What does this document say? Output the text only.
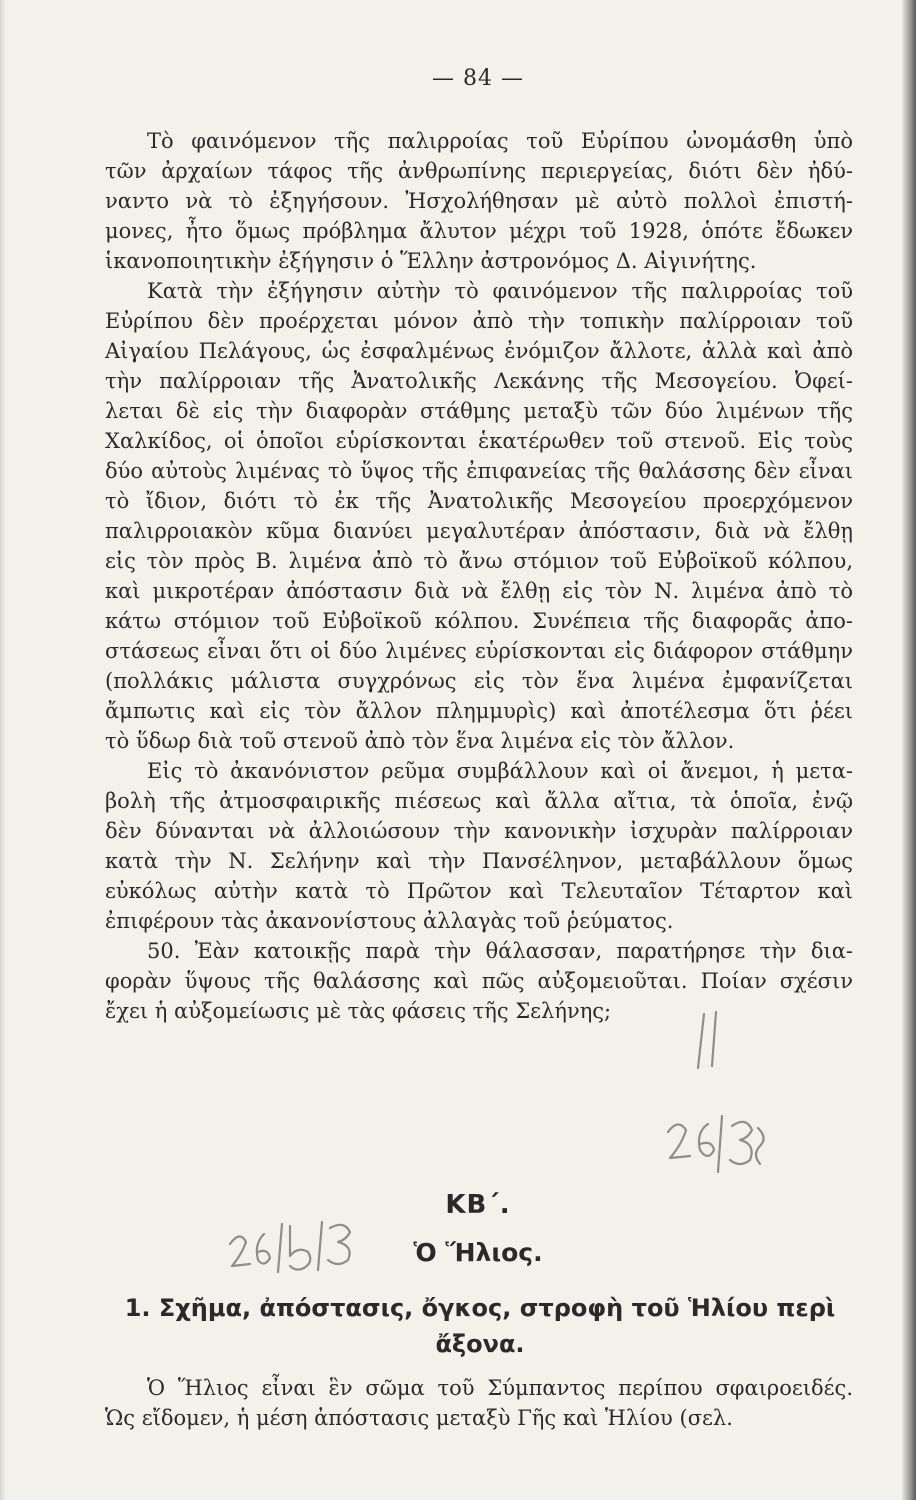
— 84 —
Τὸ φαινόμενον τῆς παλιρροίας τοῦ Εὐρίπου ὠνομάσθη ὑπὸ
τῶν ἀρχαίων τάφος τῆς ἀνθρωπίνης περιεργείας, διότι δὲν ἠδύ-
ναντο νὰ τὸ ἐξηγήσουν. Ἠσχολήθησαν μὲ αὐτὸ πολλοὶ ἐπιστή-
μονες, ἦτο ὅμως πρόβλημα ἄλυτον μέχρι τοῦ 1928, ὁπότε ἔδωκεν
ἱκανοποιητικὴν ἐξήγησιν ὁ Ἕλλην ἀστρονόμος Δ. Αἰγινήτης.
Κατὰ τὴν ἐξήγησιν αὐτὴν τὸ φαινόμενον τῆς παλιρροίας τοῦ
Εὐρίπου δὲν προέρχεται μόνον ἀπὸ τὴν τοπικὴν παλίρροιαν τοῦ
Αἰγαίου Πελάγους, ὡς ἐσφαλμένως ἐνόμιζον ἄλλοτε, ἀλλὰ καὶ ἀπὸ
τὴν παλίρροιαν τῆς Ἀνατολικῆς Λεκάνης τῆς Μεσογείου. Ὀφεί-
λεται δὲ εἰς τὴν διαφορὰν στάθμης μεταξὺ τῶν δύο λιμένων τῆς
Χαλκίδος, οἱ ὁποῖοι εὑρίσκονται ἑκατέρωθεν τοῦ στενοῦ. Εἰς τοὺς
δύο αὐτοὺς λιμένας τὸ ὕψος τῆς ἐπιφανείας τῆς θαλάσσης δὲν εἶναι
τὸ ἴδιον, διότι τὸ ἐκ τῆς Ἀνατολικῆς Μεσογείου προερχόμενον
παλιρροιακὸν κῦμα διανύει μεγαλυτέραν ἀπόστασιν, διὰ νὰ ἔλθῃ
εἰς τὸν πρὸς Β. λιμένα ἀπὸ τὸ ἄνω στόμιον τοῦ Εὐβοϊκοῦ κόλπου,
καὶ μικροτέραν ἀπόστασιν διὰ νὰ ἔλθῃ εἰς τὸν Ν. λιμένα ἀπὸ τὸ
κάτω στόμιον τοῦ Εὐβοϊκοῦ κόλπου. Συνέπεια τῆς διαφορᾶς ἀπο-
στάσεως εἶναι ὅτι οἱ δύο λιμένες εὑρίσκονται εἰς διάφορον στάθμην
(πολλάκις μάλιστα συγχρόνως εἰς τὸν ἕνα λιμένα ἐμφανίζεται
ἄμπωτις καὶ εἰς τὸν ἄλλον πλημμυρὶς) καὶ ἀποτέλεσμα ὅτι ῥέει
τὸ ὕδωρ διὰ τοῦ στενοῦ ἀπὸ τὸν ἕνα λιμένα εἰς τὸν ἄλλον.
Εἰς τὸ ἀκανόνιστον ρεῦμα συμβάλλουν καὶ οἱ ἄνεμοι, ἡ μετα-
βολὴ τῆς ἀτμοσφαιρικῆς πιέσεως καὶ ἄλλα αἴτια, τὰ ὁποῖα, ἐνῷ
δὲν δύνανται νὰ ἀλλοιώσουν τὴν κανονικὴν ἰσχυρὰν παλίρροιαν
κατὰ τὴν Ν. Σελήνην καὶ τὴν Πανσέληνον, μεταβάλλουν ὅμως
εὐκόλως αὐτὴν κατὰ τὸ Πρῶτον καὶ Τελευταῖον Τέταρτον καὶ
ἐπιφέρουν τὰς ἀκανονίστους ἀλλαγὰς τοῦ ῥεύματος.
50. Ἐὰν κατοικῇς παρὰ τὴν θάλασσαν, παρατήρησε τὴν δια-
φορὰν ὕψους τῆς θαλάσσης καὶ πῶς αὐξομειοῦται. Ποίαν σχέσιν
ἔχει ἡ αὐξομείωσις μὲ τὰς φάσεις τῆς Σελήνης;
ΚΒ΄.
Ὁ Ἥλιος.
1. Σχῆμα, ἀπόστασις, ὄγκος, στροφὴ τοῦ Ἡλίου περὶ ἄξονα.
Ὁ Ἥλιος εἶναι ἓν σῶμα τοῦ Σύμπαντος περίπου σφαιροειδές.
Ὡς εἴδομεν, ἡ μέση ἀπόστασις μεταξὺ Γῆς καὶ Ἡλίου (σελ.
